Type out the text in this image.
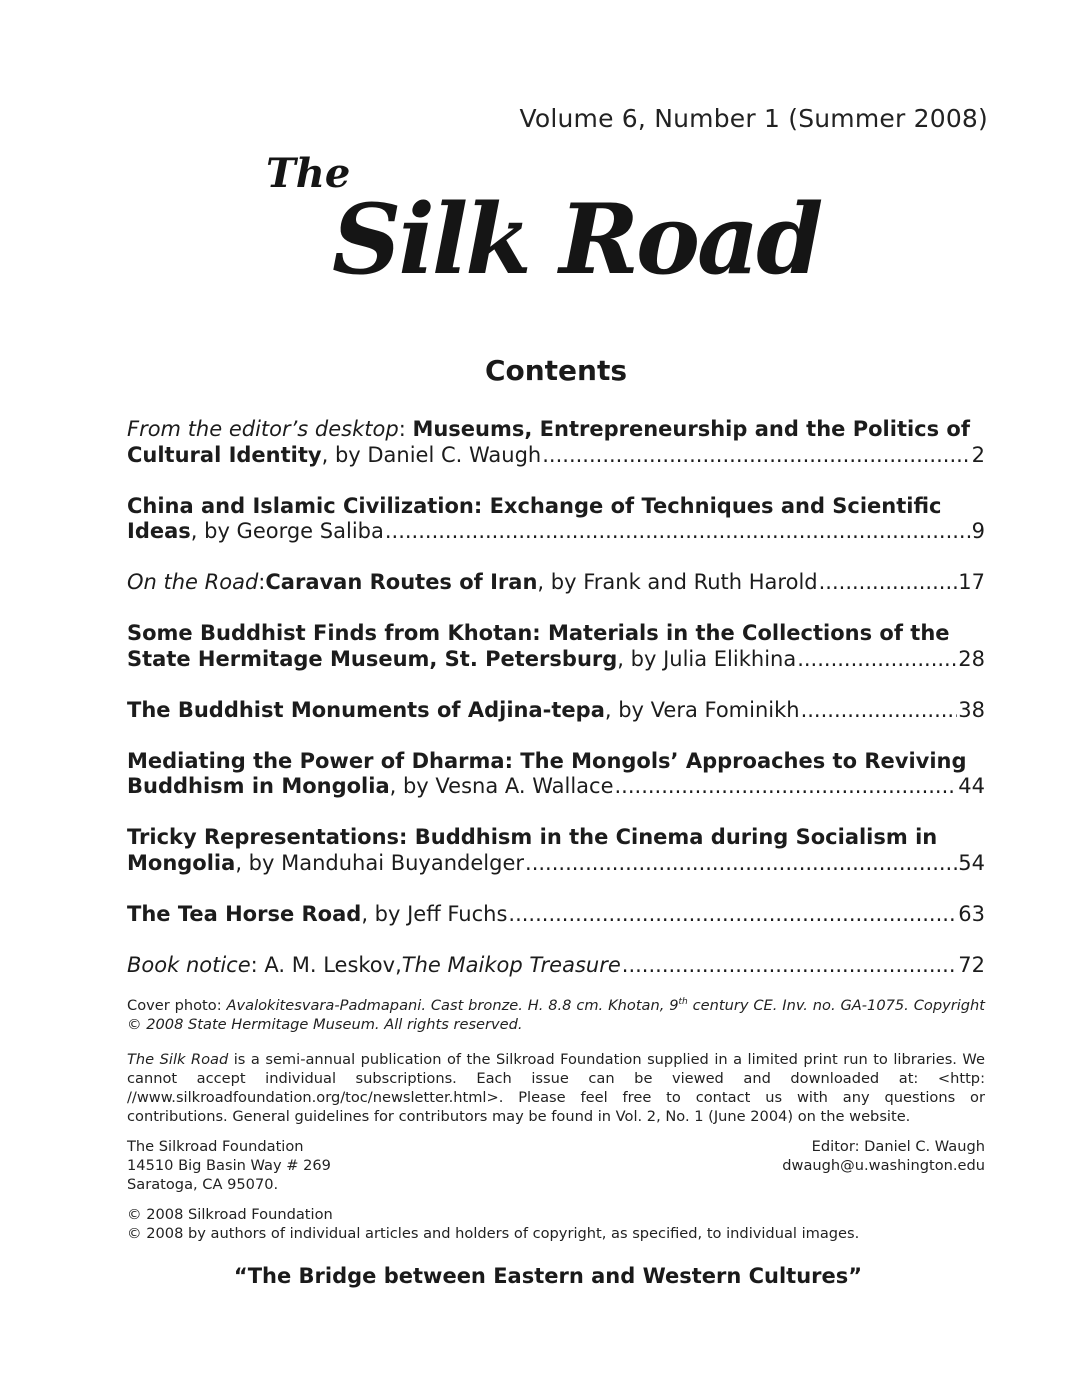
Volume 6, Number 1 (Summer 2008)
The
Silk Road
Contents
From the editor’s desktop: Museums, Entrepreneurship and the Politics of
Cultural Identity , by Daniel C. Waugh .....	2
China and Islamic Civilization: Exchange of Techniques and Scientific
Ideas , by George Saliba .....	9
On the Road : Caravan Routes of Iran , by Frank and Ruth Harold .....	17
Some Buddhist Finds from Khotan: Materials in the Collections of the
State Hermitage Museum, St. Petersburg , by Julia Elikhina .....	28
The Buddhist Monuments of Adjina-tepa , by Vera Fominikh .....	38
Mediating the Power of Dharma: The Mongols’ Approaches to Reviving
Buddhism in Mongolia , by Vesna A. Wallace .....	44
Tricky Representations: Buddhism in the Cinema during Socialism in
Mongolia , by Manduhai Buyandelger .....	54
The Tea Horse Road , by Jeff Fuchs .....	63
Book notice : A. M. Leskov, The Maikop Treasure .....	72
Cover photo: Avalokitesvara-Padmapani. Cast bronze. H. 8.8 cm. Khotan, 9th century CE. Inv. no. GA-1075. Copyright © 2008 State Hermitage Museum. All rights reserved.
The Silk Road is a semi-annual publication of the Silkroad Foundation supplied in a limited print run to libraries. We cannot accept individual subscriptions. Each issue can be viewed and downloaded at: <http: //www.silkroadfoundation.org/toc/newsletter.html>. Please feel free to contact us with any questions or contributions. General guidelines for contributors may be found in Vol. 2, No. 1 (June 2004) on the website.
The Silkroad Foundation
14510 Big Basin Way # 269
Saratoga, CA 95070.
Editor: Daniel C. Waugh
dwaugh@u.washington.edu
© 2008 Silkroad Foundation
© 2008 by authors of individual articles and holders of copyright, as specified, to individual images.
“The Bridge between Eastern and Western Cultures”
